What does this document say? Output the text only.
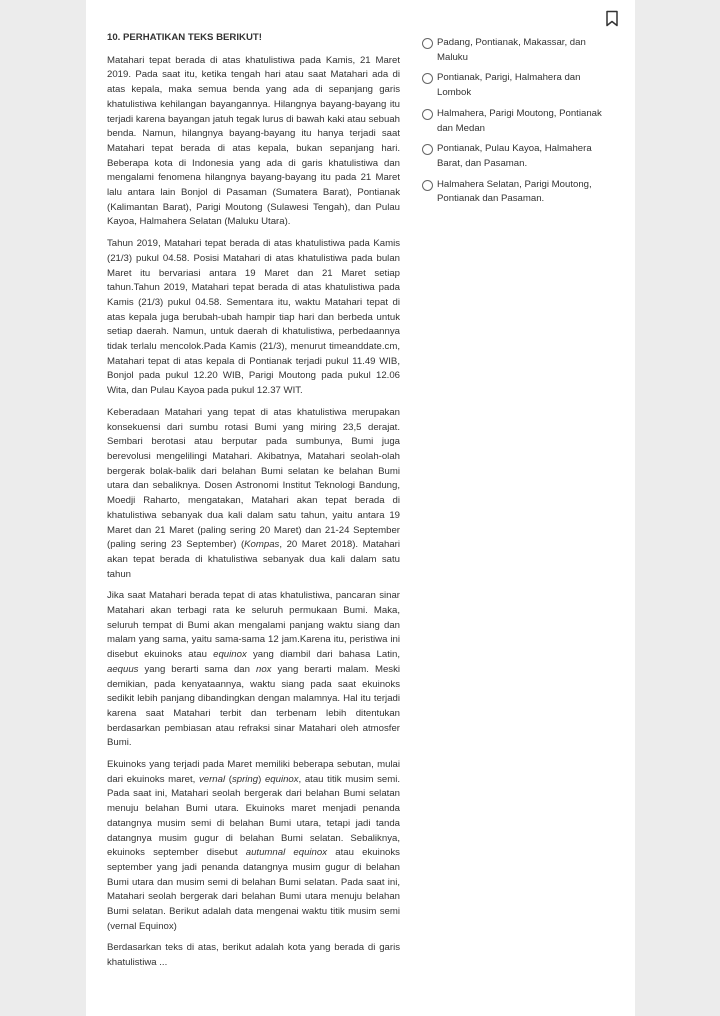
10. PERHATIKAN TEKS BERIKUT!

Matahari tepat berada di atas khatulistiwa pada Kamis, 21 Maret 2019. Pada saat itu, ketika tengah hari atau saat Matahari ada di atas kepala, maka semua benda yang ada di sepanjang garis khatulistiwa kehilangan bayangannya. Hilangnya bayang-bayang itu terjadi karena bayangan jatuh tegak lurus di bawah kaki atau sebuah benda. Namun, hilangnya bayang-bayang itu hanya terjadi saat Matahari tepat berada di atas kepala, bukan sepanjang hari. Beberapa kota di Indonesia yang ada di garis khatulistiwa dan mengalami fenomena hilangnya bayang-bayang itu pada 21 Maret lalu antara lain Bonjol di Pasaman (Sumatera Barat), Pontianak (Kalimantan Barat), Parigi Moutong (Sulawesi Tengah), dan Pulau Kayoa, Halmahera Selatan (Maluku Utara).

Tahun 2019, Matahari tepat berada di atas khatulistiwa pada Kamis (21/3) pukul 04.58. Posisi Matahari di atas khatulistiwa pada bulan Maret itu bervariasi antara 19 Maret dan 21 Maret setiap tahun.Tahun 2019, Matahari tepat berada di atas khatulistiwa pada Kamis (21/3) pukul 04.58. Sementara itu, waktu Matahari tepat di atas kepala juga berubah-ubah hampir tiap hari dan berbeda untuk setiap daerah. Namun, untuk daerah di khatulistiwa, perbedaannya tidak terlalu mencolok.Pada Kamis (21/3), menurut timeanddate.cm, Matahari tepat di atas kepala di Pontianak terjadi pukul 11.49 WIB, Bonjol pada pukul 12.20 WIB, Parigi Moutong pada pukul 12.06 Wita, dan Pulau Kayoa pada pukul 12.37 WIT.

Keberadaan Matahari yang tepat di atas khatulistiwa merupakan konsekuensi dari sumbu rotasi Bumi yang miring 23,5 derajat. Sembari berotasi atau berputar pada sumbunya, Bumi juga berevolusi mengelilingi Matahari. Akibatnya, Matahari seolah-olah bergerak bolak-balik dari belahan Bumi selatan ke belahan Bumi utara dan sebaliknya. Dosen Astronomi Institut Teknologi Bandung, Moedji Raharto, mengatakan, Matahari akan tepat berada di khatulistiwa sebanyak dua kali dalam satu tahun, yaitu antara 19 Maret dan 21 Maret (paling sering 20 Maret) dan 21-24 September (paling sering 23 September) (Kompas, 20 Maret 2018). Matahari akan tepat berada di khatulistiwa sebanyak dua kali dalam satu tahun

Jika saat Matahari berada tepat di atas khatulistiwa, pancaran sinar Matahari akan terbagi rata ke seluruh permukaan Bumi. Maka, seluruh tempat di Bumi akan mengalami panjang waktu siang dan malam yang sama, yaitu sama-sama 12 jam.Karena itu, peristiwa ini disebut ekuinoks atau equinox yang diambil dari bahasa Latin, aequus yang berarti sama dan nox yang berarti malam. Meski demikian, pada kenyataannya, waktu siang pada saat ekuinoks sedikit lebih panjang dibandingkan dengan malamnya. Hal itu terjadi karena saat Matahari terbit dan terbenam lebih ditentukan berdasarkan pembiasan atau refraksi sinar Matahari oleh atmosfer Bumi.

Ekuinoks yang terjadi pada Maret memiliki beberapa sebutan, mulai dari ekuinoks maret, vernal (spring) equinox, atau titik musim semi. Pada saat ini, Matahari seolah bergerak dari belahan Bumi selatan menuju belahan Bumi utara. Ekuinoks maret menjadi penanda datangnya musim semi di belahan Bumi utara, tetapi jadi tanda datangnya musim gugur di belahan Bumi selatan. Sebaliknya, ekuinoks september disebut autumnal equinox atau ekuinoks september yang jadi penanda datangnya musim gugur di belahan Bumi utara dan musim semi di belahan Bumi selatan. Pada saat ini, Matahari seolah bergerak dari belahan Bumi utara menuju belahan Bumi selatan. Berikut adalah data mengenai waktu titik musim semi (vernal Equinox)

Berdasarkan teks di atas, berikut adalah kota yang berada di garis khatulistiwa ...

Padang, Pontianak, Makassar, dan Maluku
Pontianak, Parigi, Halmahera dan Lombok
Halmahera, Parigi Moutong, Pontianak dan Medan
Pontianak, Pulau Kayoa, Halmahera Barat, dan Pasaman.
Halmahera Selatan, Parigi Moutong, Pontianak dan Pasaman.
